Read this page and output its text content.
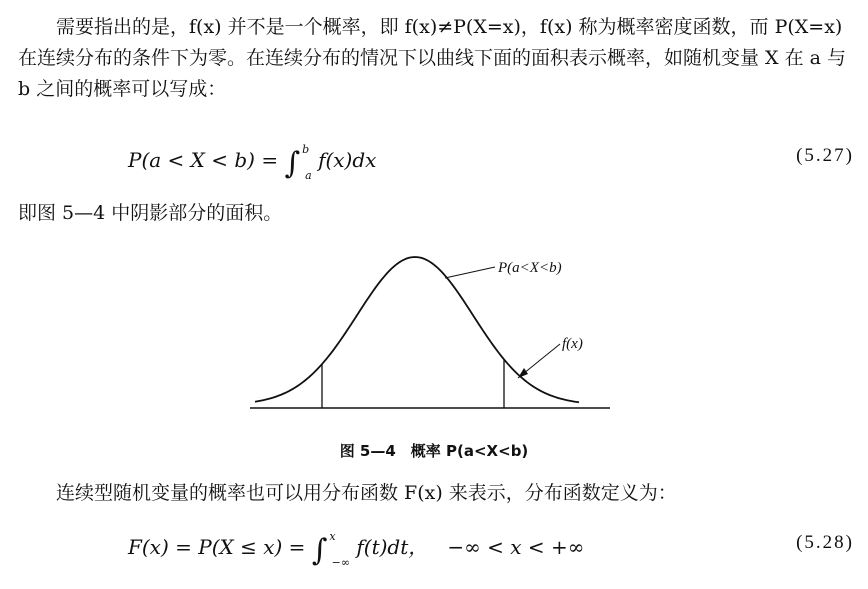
需要指出的是，f(x) 并不是一个概率，即 f(x)≠P(X=x)，f(x) 称为概率密度函数，而 P(X=x) 在连续分布的条件下为零。在连续分布的情况下以曲线下面的面积表示概率，如随机变量 X 在 a 与 b 之间的概率可以写成：

P(a < X < b) = ∫ $^b_a$ f(x)dx	(5.27)

即图 5—4 中阴影部分的面积。

P(a<X<b)
f(x)
图 5—4　概率 P(a<X<b)

连续型随机变量的概率也可以用分布函数 F(x) 来表示，分布函数定义为：

F(x) = P(X ≤ x) = ∫ $^x_{-\infty}$ f(t)dt， −∞ < x < +∞	(5.28)
